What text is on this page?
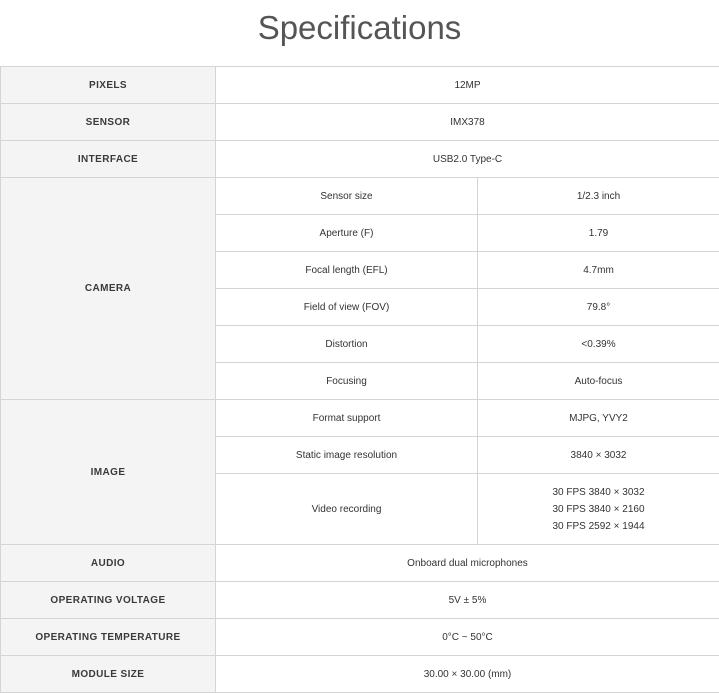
Specifications
PIXELS	12MP	
SENSOR	IMX378	
INTERFACE	USB2.0 Type-C	
CAMERA	Sensor size	1/2.3 inch
	Aperture (F)	1.79
	Focal length (EFL)	4.7mm
	Field of view (FOV)	79.8°
	Distortion	<0.39%
	Focusing	Auto-focus
IMAGE	Format support	MJPG, YVY2
	Static image resolution	3840 × 3032
	Video recording	30 FPS 3840 × 3032
30 FPS 3840 × 2160
30 FPS 2592 × 1944

AUDIO	Onboard dual microphones	
OPERATING VOLTAGE	5V ± 5%	
OPERATING TEMPERATURE	0°C ~ 50°C	
MODULE SIZE	30.00 × 30.00 (mm)	
